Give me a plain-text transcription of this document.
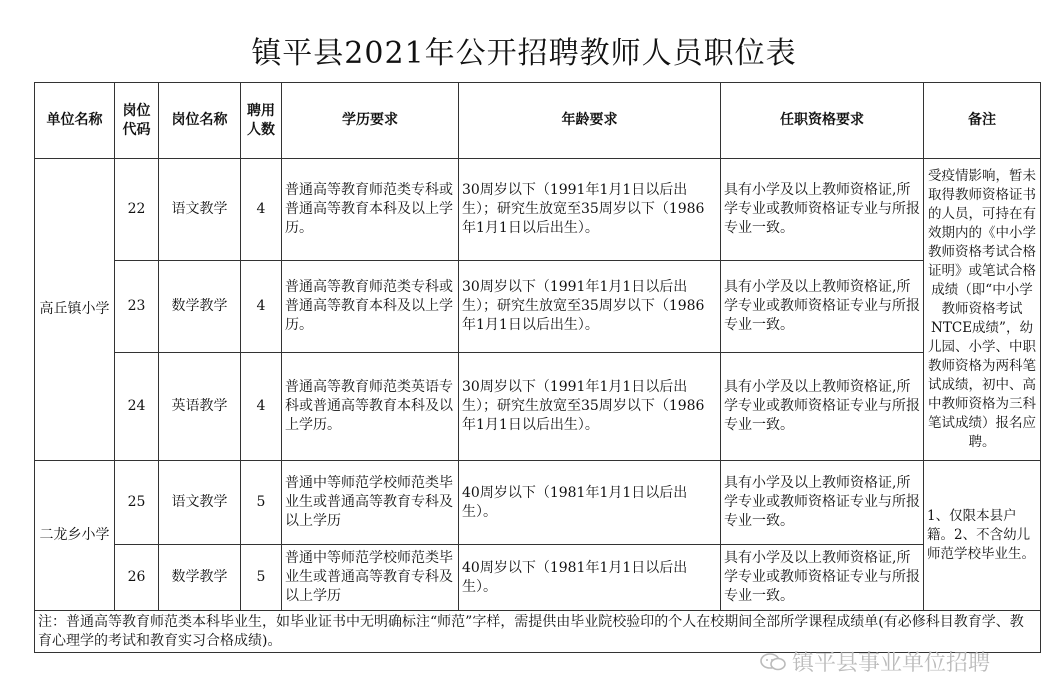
镇平县2021年公开招聘教师人员职位表
单位名称	岗位代码	岗位名称	聘用人数	学历要求	年龄要求	任职资格要求	备注
高丘镇小学	22	语文教学	4	普通高等教育师范类专科或普通高等教育本科及以上学历。	30周岁以下（1991年1月1日以后出生）；研究生放宽至35周岁以下（1986年1月1日以后出生）。	具有小学及以上教师资格证,所学专业或教师资格证专业与所报专业一致。	受疫情影响，暂未取得教师资格证书的人员，可持在有效期内的《中小学教师资格考试合格证明》或笔试合格成绩（即“中小学教师资格考试NTCE成绩”，幼儿园、小学、中职教师资格为两科笔试成绩，初中、高中教师资格为三科笔试成绩）报名应聘。
	23	数学教学	4	普通高等教育师范类专科或普通高等教育本科及以上学历。	30周岁以下（1991年1月1日以后出生）；研究生放宽至35周岁以下（1986年1月1日以后出生）。	具有小学及以上教师资格证,所学专业或教师资格证专业与所报专业一致。	
	24	英语教学	4	普通高等教育师范类英语专科或普通高等教育本科及以上学历。	30周岁以下（1991年1月1日以后出生）；研究生放宽至35周岁以下（1986年1月1日以后出生）。	具有小学及以上教师资格证,所学专业或教师资格证专业与所报专业一致。	
二龙乡小学	25	语文教学	5	普通中等师范学校师范类毕业生或普通高等教育专科及以上学历	40周岁以下（1981年1月1日以后出生）。	具有小学及以上教师资格证,所学专业或教师资格证专业与所报专业一致。	1、仅限本县户籍。2、不含幼儿师范学校毕业生。
	26	数学教学	5	普通中等师范学校师范类毕业生或普通高等教育专科及以上学历	40周岁以下（1981年1月1日以后出生）。	具有小学及以上教师资格证,所学专业或教师资格证专业与所报专业一致。	
注：普通高等教育师范类本科毕业生，如毕业证书中无明确标注“师范”字样，需提供由毕业院校验印的个人在校期间全部所学课程成绩单(有必修科目教育学、教育心理学的考试和教育实习合格成绩)。							
镇平县事业单位招聘
